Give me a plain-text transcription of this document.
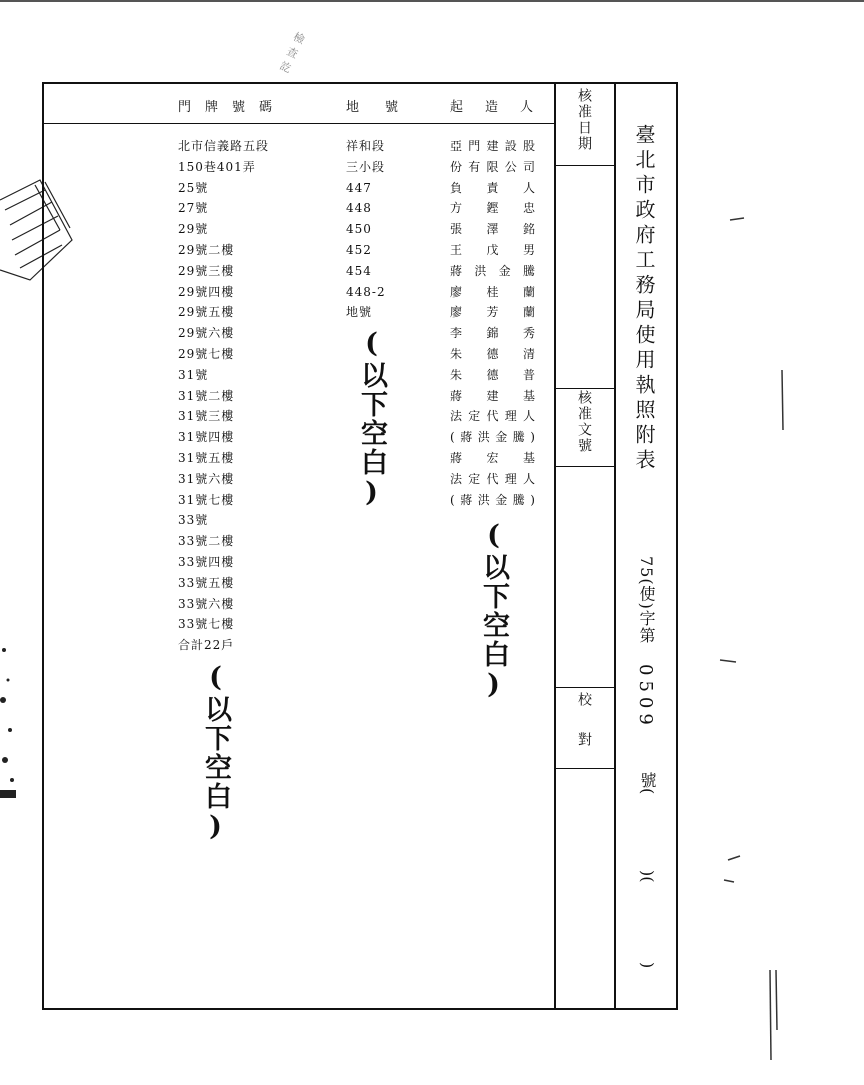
檢
查
訖
門牌號碼	地號 起造人
北市信義路五段
150巷401弄
25號
27號
29號
29號二樓
29號三樓
29號四樓
29號五樓
29號六樓
29號七樓
31號
31號二樓
31號三樓
31號四樓
31號五樓
31號六樓
31號七樓
33號
33號二樓
33號四樓
33號五樓
33號六樓
33號七樓
合計22戶
祥和段
三小段
447
448
450
452
454
448-2
地號
亞門建設股
份有限公司
負責人
方鏗忠
張澤銘
王戊男
蔣洪金騰
廖桂蘭
廖芳蘭
李錦秀
朱德清
朱德普
蔣建基
法定代理人
(蔣洪金騰)
蔣宏基
法定代理人
(蔣洪金騰)
(以下空白)
(以下空白)
(以下空白)
核准日期
核准文號
校對
臺北市政府工務局使用執照附表
75(使)字第
0509
號(
)(
)
